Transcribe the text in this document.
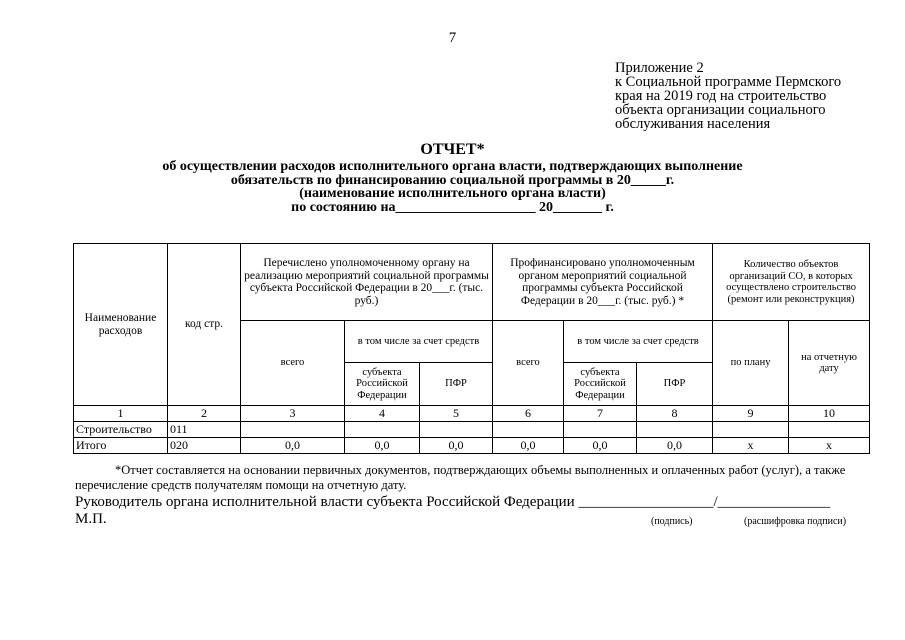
7
Приложение 2
к Социальной программе Пермского
края на 2019 год на строительство
объекта организации социального
обслуживания населения
ОТЧЕТ*
об осуществлении расходов исполнительного органа власти, подтверждающих выполнение
обязательств по финансированию социальной программы в 20_____г.
(наименование исполнительного органа власти)
по состоянию на____________________ 20_______ г.
Наименование расходов	код стр.	Перечислено уполномоченному органу на реализацию мероприятий социальной программы субъекта Российской Федерации в 20___г. (тыс. руб.)			Профинансировано уполномоченным органом мероприятий социальной программы субъекта Российской Федерации в 20___г. (тыс. руб.) *			Количество объектов организаций СО, в которых осуществлено строительство (ремонт или реконструкция)	
		всего	в том числе за счет средств		всего	в том числе за счет средств		по плану	на отчетную дату
			субъекта Российской Федерации	ПФР		субъекта Российской Федерации	ПФР		
1	2	3	4	5	6	7	8	9	10
Строительство	011								
Итого	020	0,0	0,0	0,0	0,0	0,0	0,0	x	x
*Отчет составляется на основании первичных документов, подтверждающих объемы выполненных и оплаченных работ (услуг), а также перечисление средств получателям помощи на отчетную дату.
Руководитель органа исполнительной власти субъекта Российской Федерации __________________/_______________
М.П.	(подпись)	(расшифровка подписи)
